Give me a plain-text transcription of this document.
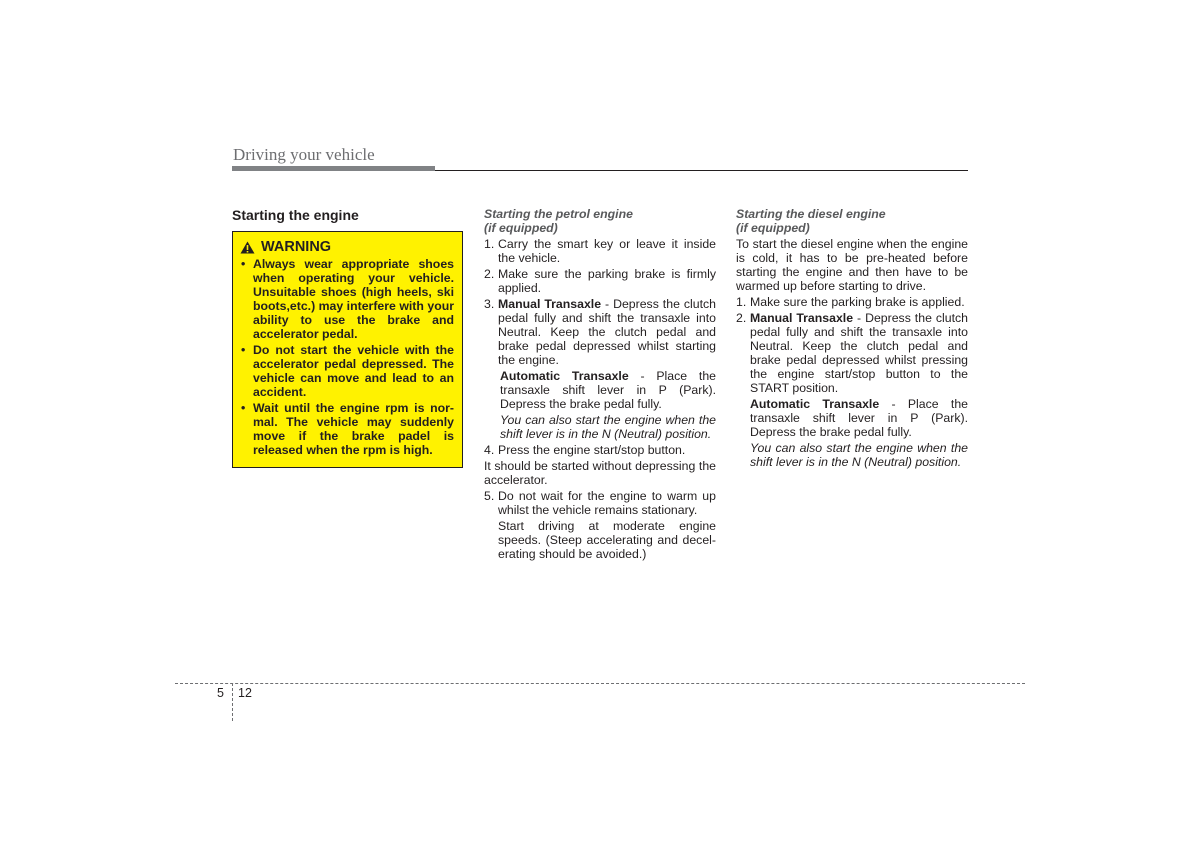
Driving your vehicle
Starting the engine
WARNING
• Always wear appropriate shoes when operating your vehicle. Unsuitable shoes (high heels, ski boots,etc.) may interfere with your ability to use the brake and accelerator pedal.
• Do not start the vehicle with the accelerator pedal depressed. The vehicle can move and lead to an accident.
• Wait until the engine rpm is nor-mal. The vehicle may suddenly move if the brake padel is released when the rpm is high.
Starting the petrol engine
(if equipped)
1. Carry the smart key or leave it inside the vehicle.
2. Make sure the parking brake is firmly applied.
3. Manual Transaxle - Depress the clutch pedal fully and shift the transaxle into Neutral. Keep the clutch pedal and brake pedal depressed whilst starting the engine.
Automatic Transaxle - Place the transaxle shift lever in P (Park). Depress the brake pedal fully.
You can also start the engine when the shift lever is in the N (Neutral) position.
4. Press the engine start/stop button.

It should be started without depressing the accelerator.

5. Do not wait for the engine to warm up whilst the vehicle remains stationary.
Start driving at moderate engine speeds. (Steep accelerating and decel-erating should be avoided.)
Starting the diesel engine
(if equipped)

To start the diesel engine when the engine is cold, it has to be pre-heated before starting the engine and then have to be warmed up before starting to drive.

1. Make sure the parking brake is applied.
2. Manual Transaxle - Depress the clutch pedal fully and shift the transaxle into Neutral. Keep the clutch pedal and brake pedal depressed whilst pressing the engine start/stop button to the START position.
Automatic Transaxle - Place the transaxle shift lever in P (Park). Depress the brake pedal fully.
You can also start the engine when the shift lever is in the N (Neutral) position.
5 12
